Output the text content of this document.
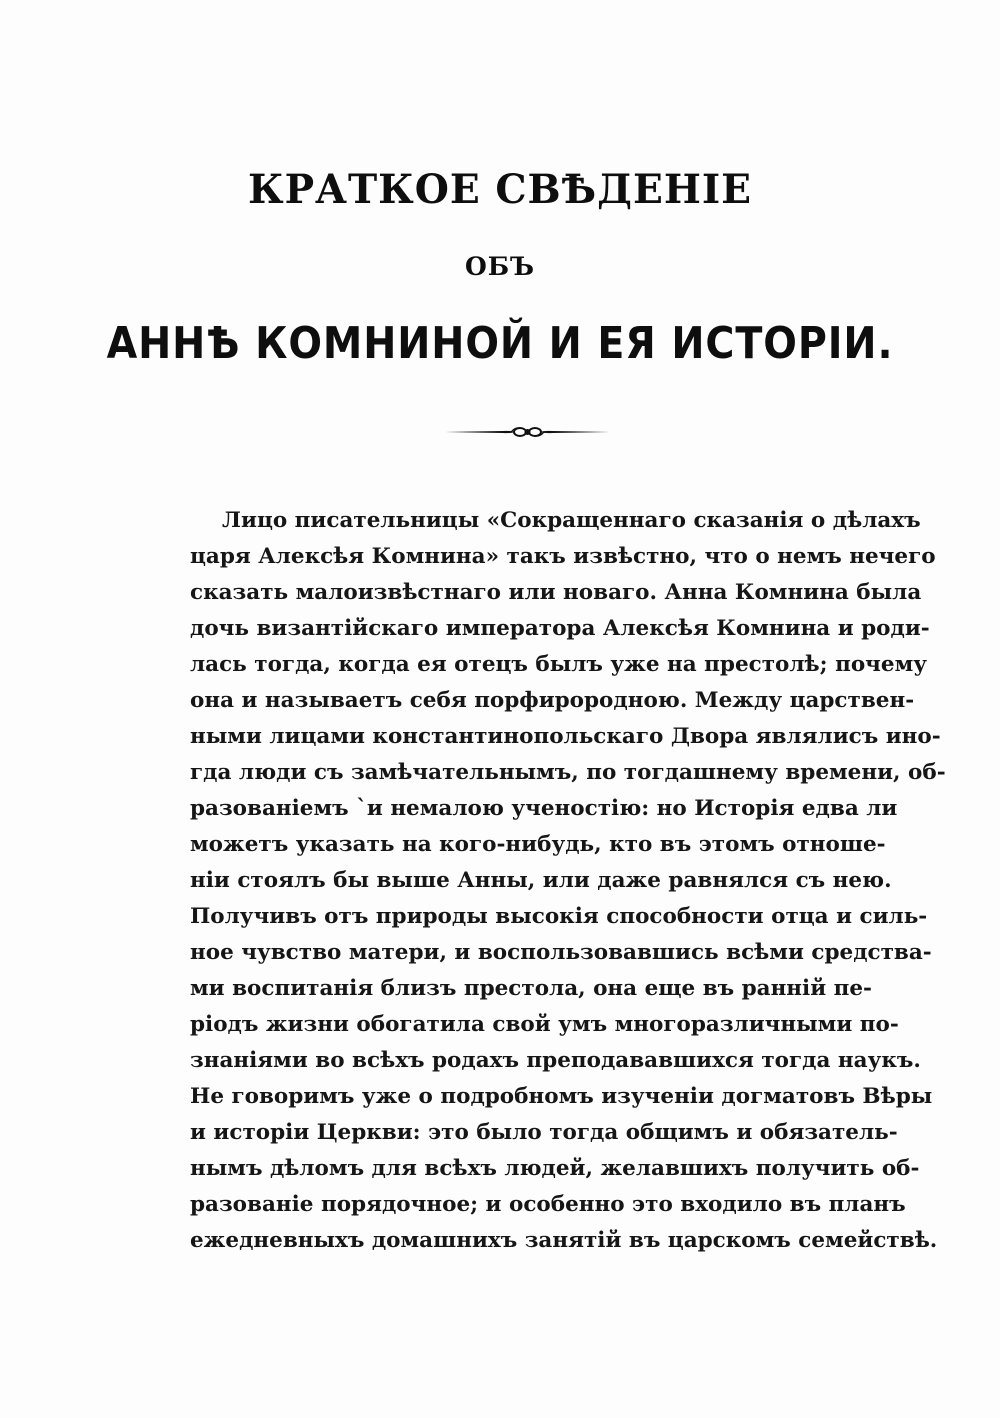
КРАТКОЕ СВѢДЕНІЕ
ОБЪ
АННѢ КОМНИНОЙ И ЕЯ ИСТОРІИ.
Лицо писательницы «Сокращеннаго сказанія о дѣлахъ
царя Алексѣя Комнина» такъ извѣстно, что о немъ нечего
сказать малоизвѣстнаго или новаго. Анна Комнина была
дочь византійскаго императора Алексѣя Комнина и роди-
лась тогда, когда ея отецъ былъ уже на престолѣ; почему
она и называетъ себя порфирородною. Между царствен-
ными лицами константинопольскаго Двора являлисъ ино-
гда люди съ замѣчательнымъ, по тогдашнему времени, об-
разованіемъ `и немалою ученостію: но Исторія едва ли
можетъ указать на кого-нибудь, кто въ этомъ отноше-
ніи стоялъ бы выше Анны, или даже равнялся съ нею.
Получивъ отъ природы высокія способности отца и силь-
ное чувство матери, и воспользовавшись всѣми средства-
ми воспитанія близъ престола, она еще въ раннiй пе-
ріодъ жизни обогатила свой умъ многоразличными по-
знаніями во всѣхъ родахъ преподававшихся тогда наукъ.
Не говоримъ уже о подробномъ изученіи догматовъ Вѣры
и исторіи Церкви: это было тогда общимъ и обязатель-
нымъ дѣломъ для всѣхъ людей, желавшихъ получить об-
разованіе порядочное; и особенно это входило въ планъ
ежедневныхъ домашнихъ занятій въ царскомъ семействѣ.
